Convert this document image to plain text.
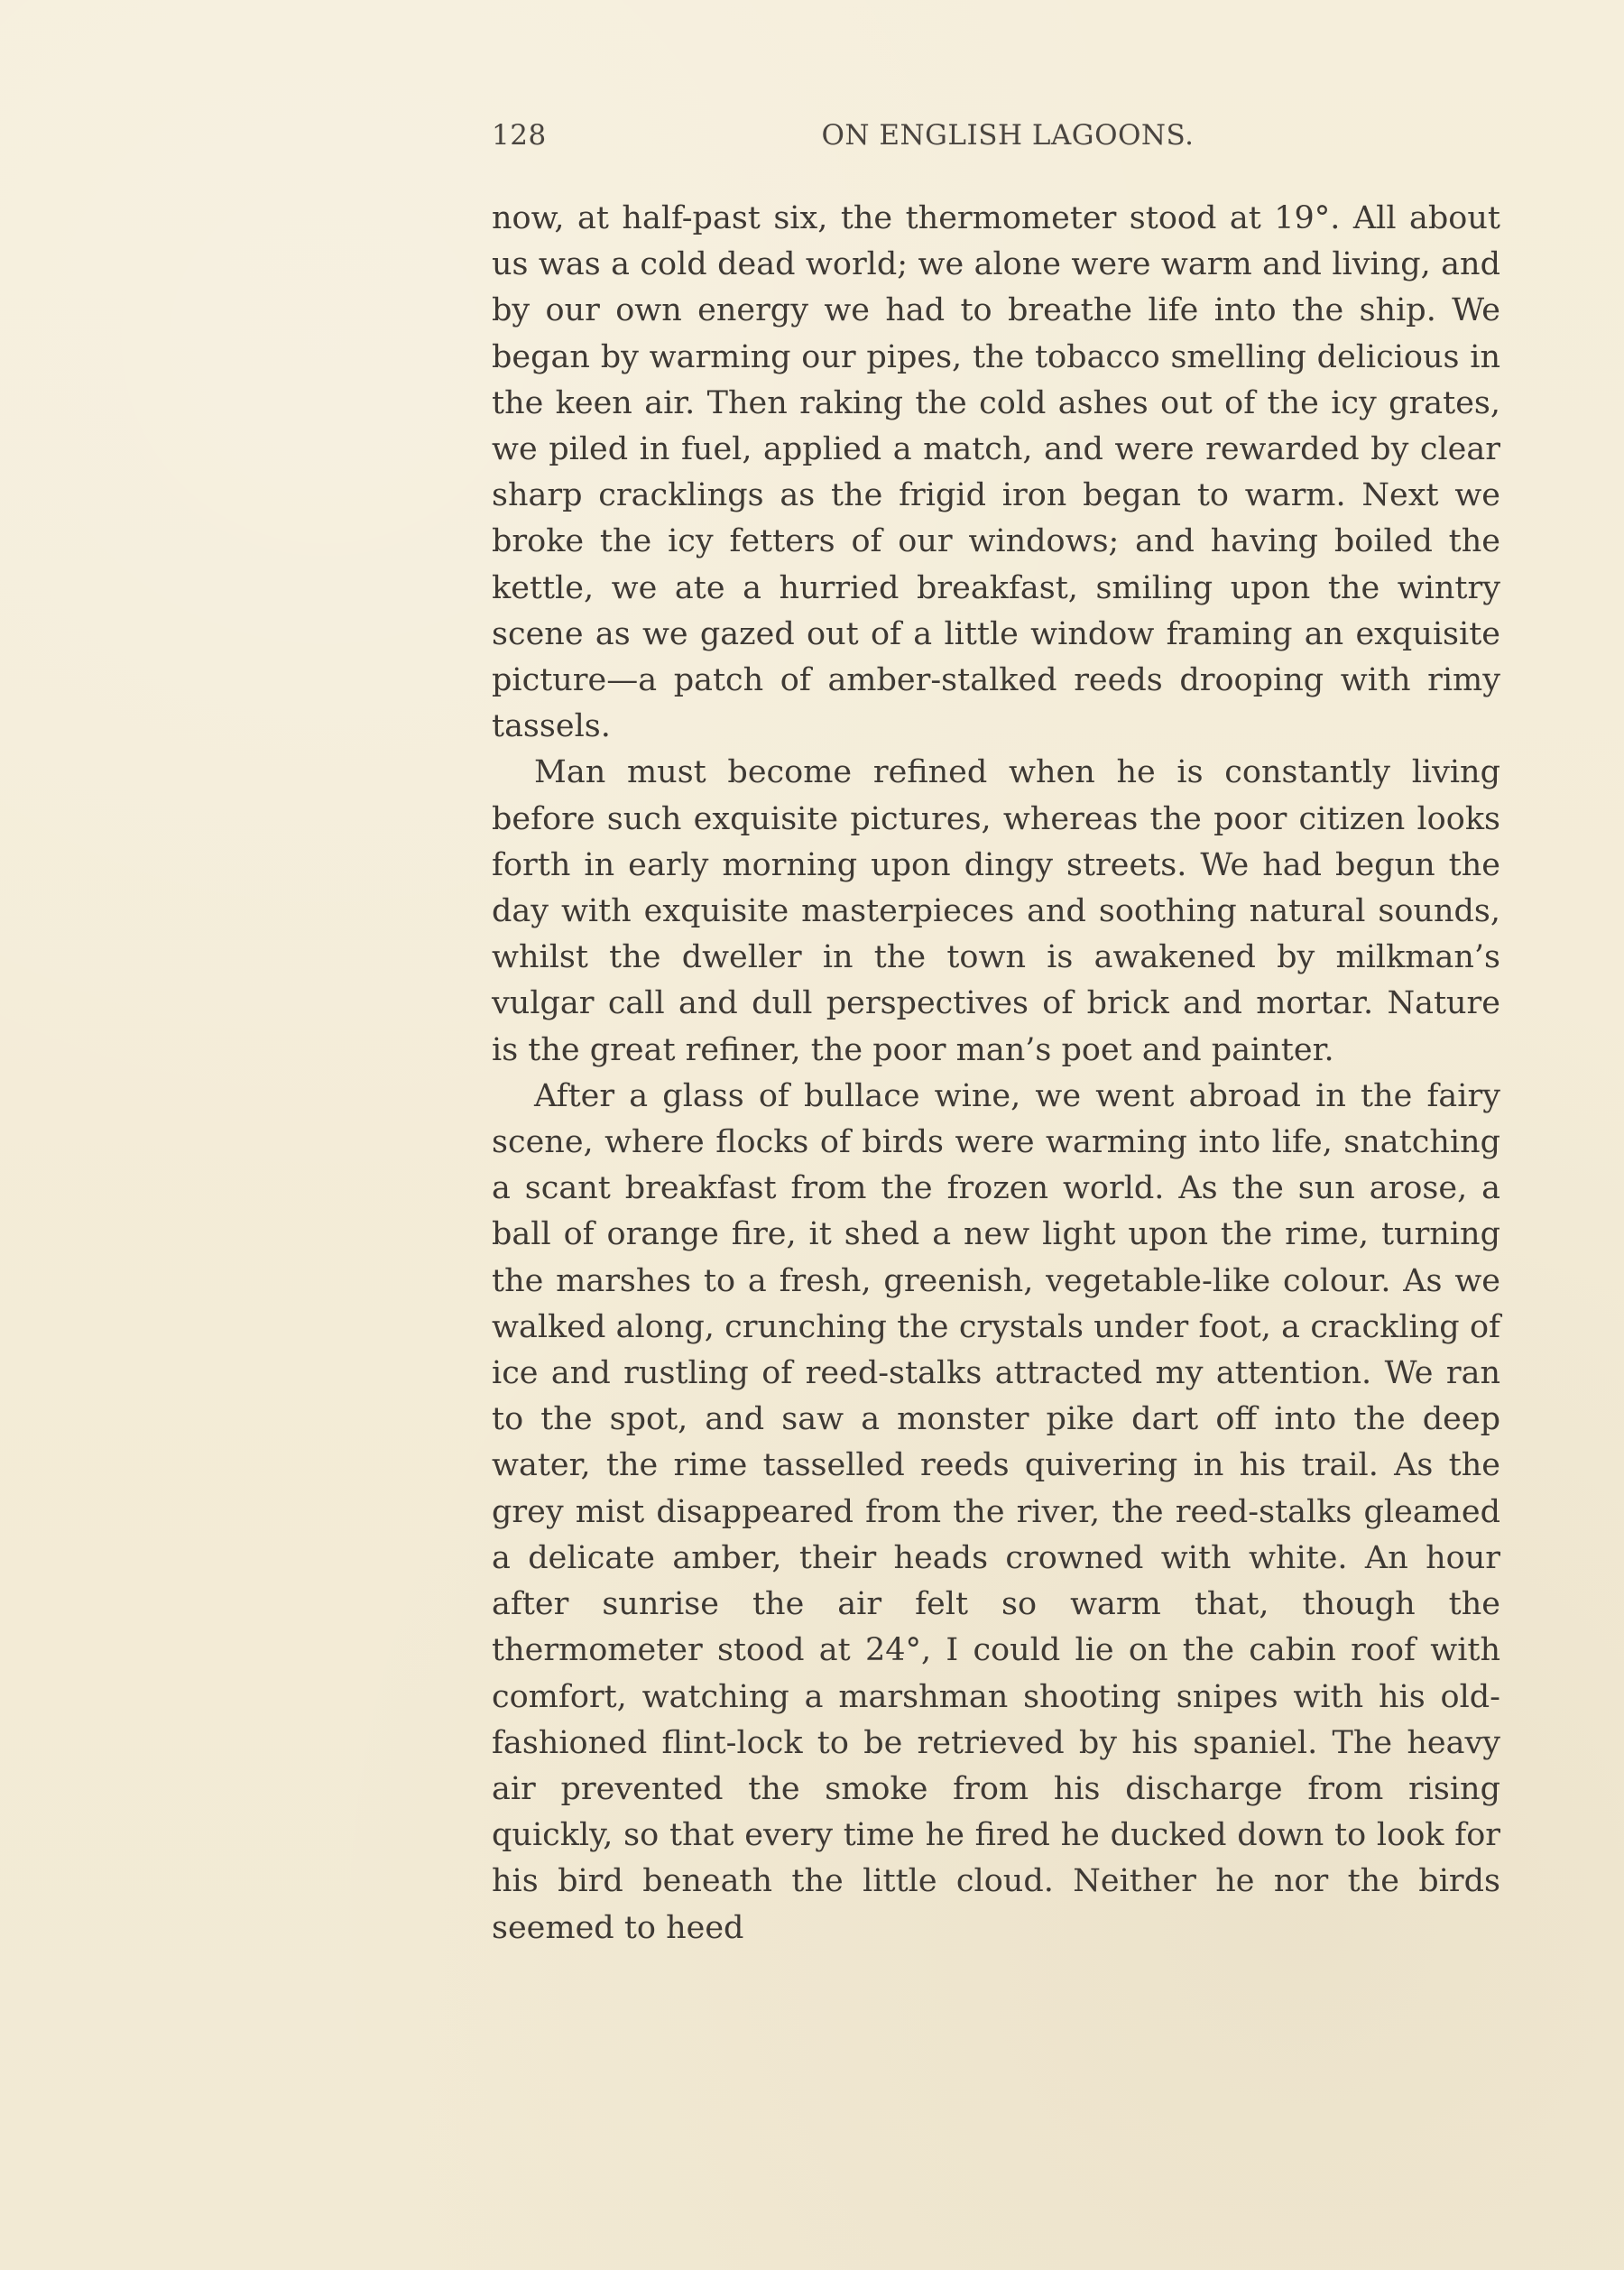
128	ON ENGLISH LAGOONS.

now, at half-past six, the thermometer stood at 19°. All about us was a cold dead world; we alone were warm and living, and by our own energy we had to breathe life into the ship. We began by warming our pipes, the tobacco smelling delicious in the keen air. Then raking the cold ashes out of the icy grates, we piled in fuel, applied a match, and were rewarded by clear sharp cracklings as the frigid iron began to warm. Next we broke the icy fetters of our windows; and having boiled the kettle, we ate a hurried breakfast, smiling upon the wintry scene as we gazed out of a little window framing an exquisite picture—a patch of amber-stalked reeds drooping with rimy tassels.

Man must become refined when he is constantly living before such exquisite pictures, whereas the poor citizen looks forth in early morning upon dingy streets. We had begun the day with exquisite masterpieces and soothing natural sounds, whilst the dweller in the town is awakened by milkman’s vulgar call and dull perspectives of brick and mortar. Nature is the great refiner, the poor man’s poet and painter.

After a glass of bullace wine, we went abroad in the fairy scene, where flocks of birds were warming into life, snatching a scant breakfast from the frozen world. As the sun arose, a ball of orange fire, it shed a new light upon the rime, turning the marshes to a fresh, greenish, vegetable-like colour. As we walked along, crunching the crystals under foot, a crackling of ice and rustling of reed-stalks attracted my attention. We ran to the spot, and saw a monster pike dart off into the deep water, the rime tasselled reeds quivering in his trail. As the grey mist disappeared from the river, the reed-stalks gleamed a delicate amber, their heads crowned with white. An hour after sunrise the air felt so warm that, though the thermometer stood at 24°, I could lie on the cabin roof with comfort, watching a marshman shooting snipes with his old-fashioned flint-lock to be retrieved by his spaniel. The heavy air prevented the smoke from his discharge from rising quickly, so that every time he fired he ducked down to look for his bird beneath the little cloud. Neither he nor the birds seemed to heed
